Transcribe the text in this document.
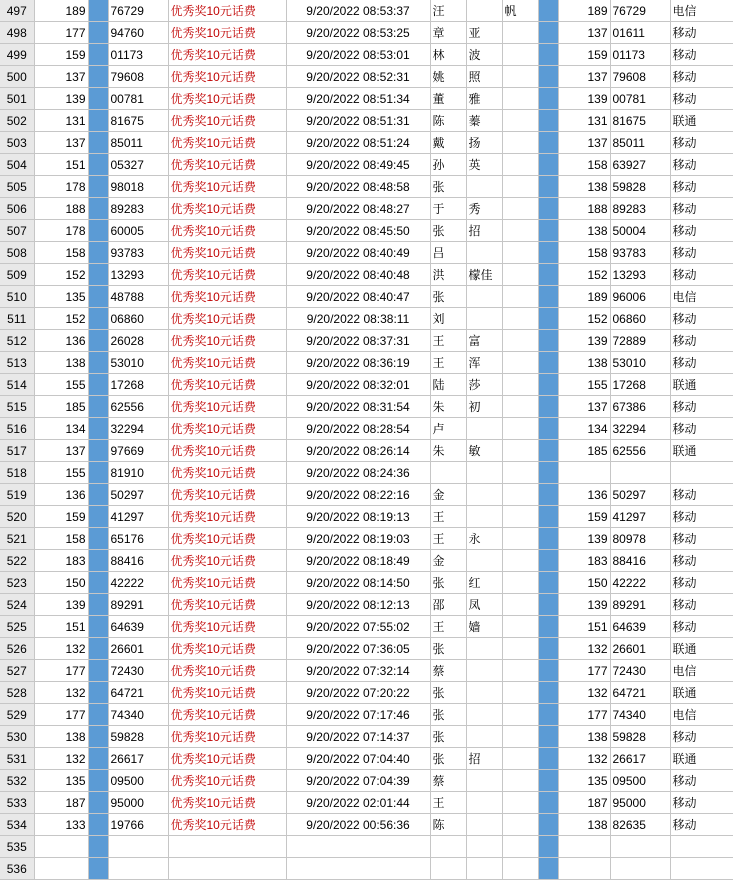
497	189		76729	优秀奖10元话费	9/20/2022 08:53:37	汪		帆		189	76729	电信
498	177		94760	优秀奖10元话费	9/20/2022 08:53:25	章	亚			137	01611	移动
499	159		01173	优秀奖10元话费	9/20/2022 08:53:01	林	波			159	01173	移动
500	137		79608	优秀奖10元话费	9/20/2022 08:52:31	姚	照			137	79608	移动
501	139		00781	优秀奖10元话费	9/20/2022 08:51:34	董	雅			139	00781	移动
502	131		81675	优秀奖10元话费	9/20/2022 08:51:31	陈	蓁			131	81675	联通
503	137		85011	优秀奖10元话费	9/20/2022 08:51:24	戴	扬			137	85011	移动
504	151		05327	优秀奖10元话费	9/20/2022 08:49:45	孙	英			158	63927	移动
505	178		98018	优秀奖10元话费	9/20/2022 08:48:58	张				138	59828	移动
506	188		89283	优秀奖10元话费	9/20/2022 08:48:27	于	秀			188	89283	移动
507	178		60005	优秀奖10元话费	9/20/2022 08:45:50	张	招			138	50004	移动
508	158		93783	优秀奖10元话费	9/20/2022 08:40:49	吕				158	93783	移动
509	152		13293	优秀奖10元话费	9/20/2022 08:40:48	洪	檬佳			152	13293	移动
510	135		48788	优秀奖10元话费	9/20/2022 08:40:47	张				189	96006	电信
511	152		06860	优秀奖10元话费	9/20/2022 08:38:11	刘				152	06860	移动
512	136		26028	优秀奖10元话费	9/20/2022 08:37:31	王	富			139	72889	移动
513	138		53010	优秀奖10元话费	9/20/2022 08:36:19	王	浑			138	53010	移动
514	155		17268	优秀奖10元话费	9/20/2022 08:32:01	陆	莎			155	17268	联通
515	185		62556	优秀奖10元话费	9/20/2022 08:31:54	朱	初			137	67386	移动
516	134		32294	优秀奖10元话费	9/20/2022 08:28:54	卢				134	32294	移动
517	137		97669	优秀奖10元话费	9/20/2022 08:26:14	朱	敏			185	62556	联通
518	155		81910	优秀奖10元话费	9/20/2022 08:24:36							
519	136		50297	优秀奖10元话费	9/20/2022 08:22:16	金				136	50297	移动
520	159		41297	优秀奖10元话费	9/20/2022 08:19:13	王				159	41297	移动
521	158		65176	优秀奖10元话费	9/20/2022 08:19:03	王	永			139	80978	移动
522	183		88416	优秀奖10元话费	9/20/2022 08:18:49	金				183	88416	移动
523	150		42222	优秀奖10元话费	9/20/2022 08:14:50	张	红			150	42222	移动
524	139		89291	优秀奖10元话费	9/20/2022 08:12:13	邵	凤			139	89291	移动
525	151		64639	优秀奖10元话费	9/20/2022 07:55:02	王	嫱			151	64639	移动
526	132		26601	优秀奖10元话费	9/20/2022 07:36:05	张				132	26601	联通
527	177		72430	优秀奖10元话费	9/20/2022 07:32:14	蔡				177	72430	电信
528	132		64721	优秀奖10元话费	9/20/2022 07:20:22	张				132	64721	联通
529	177		74340	优秀奖10元话费	9/20/2022 07:17:46	张				177	74340	电信
530	138		59828	优秀奖10元话费	9/20/2022 07:14:37	张				138	59828	移动
531	132		26617	优秀奖10元话费	9/20/2022 07:04:40	张	招			132	26617	联通
532	135		09500	优秀奖10元话费	9/20/2022 07:04:39	蔡				135	09500	移动
533	187		95000	优秀奖10元话费	9/20/2022 02:01:44	王				187	95000	移动
534	133		19766	优秀奖10元话费	9/20/2022 00:56:36	陈				138	82635	移动
535												
536												
